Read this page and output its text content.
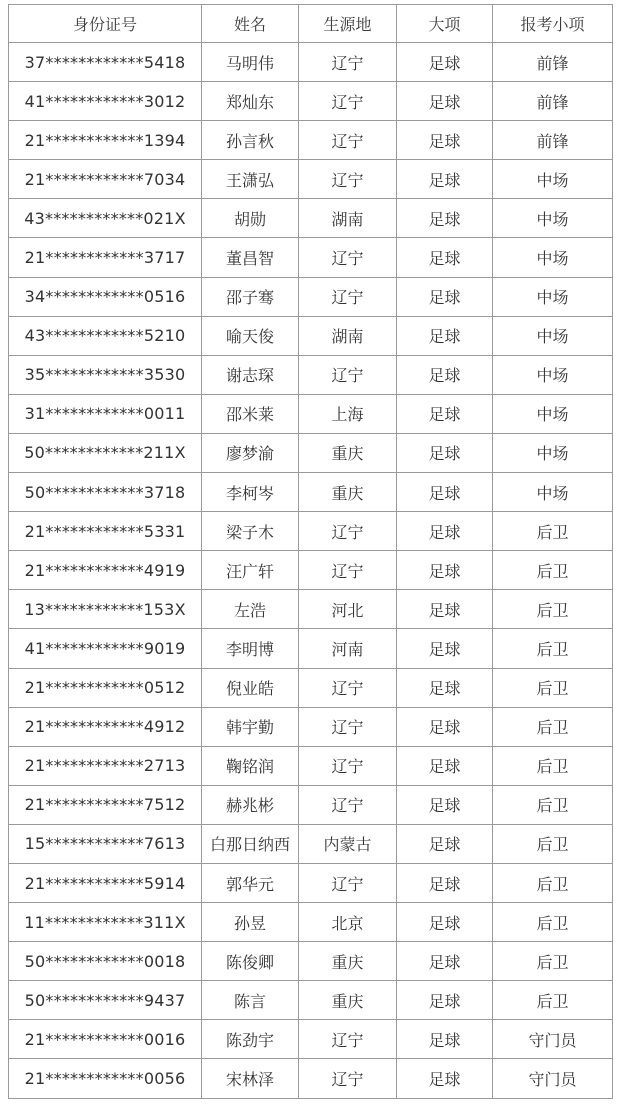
身份证号	姓名	生源地	大项	报考小项
37************5418	马明伟	辽宁	足球	前锋
41************3012	郑灿东	辽宁	足球	前锋
21************1394	孙言秋	辽宁	足球	前锋
21************7034	王潇弘	辽宁	足球	中场
43************021X	胡勋	湖南	足球	中场
21************3717	董昌智	辽宁	足球	中场
34************0516	邵子骞	辽宁	足球	中场
43************5210	喻天俊	湖南	足球	中场
35************3530	谢志琛	辽宁	足球	中场
31************0011	邵米莱	上海	足球	中场
50************211X	廖梦渝	重庆	足球	中场
50************3718	李柯岑	重庆	足球	中场
21************5331	梁子木	辽宁	足球	后卫
21************4919	汪广轩	辽宁	足球	后卫
13************153X	左浩	河北	足球	后卫
41************9019	李明博	河南	足球	后卫
21************0512	倪业皓	辽宁	足球	后卫
21************4912	韩宇勤	辽宁	足球	后卫
21************2713	鞠铭润	辽宁	足球	后卫
21************7512	赫兆彬	辽宁	足球	后卫
15************7613	白那日纳西	内蒙古	足球	后卫
21************5914	郭华元	辽宁	足球	后卫
11************311X	孙昱	北京	足球	后卫
50************0018	陈俊卿	重庆	足球	后卫
50************9437	陈言	重庆	足球	后卫
21************0016	陈劲宇	辽宁	足球	守门员
21************0056	宋林泽	辽宁	足球	守门员
